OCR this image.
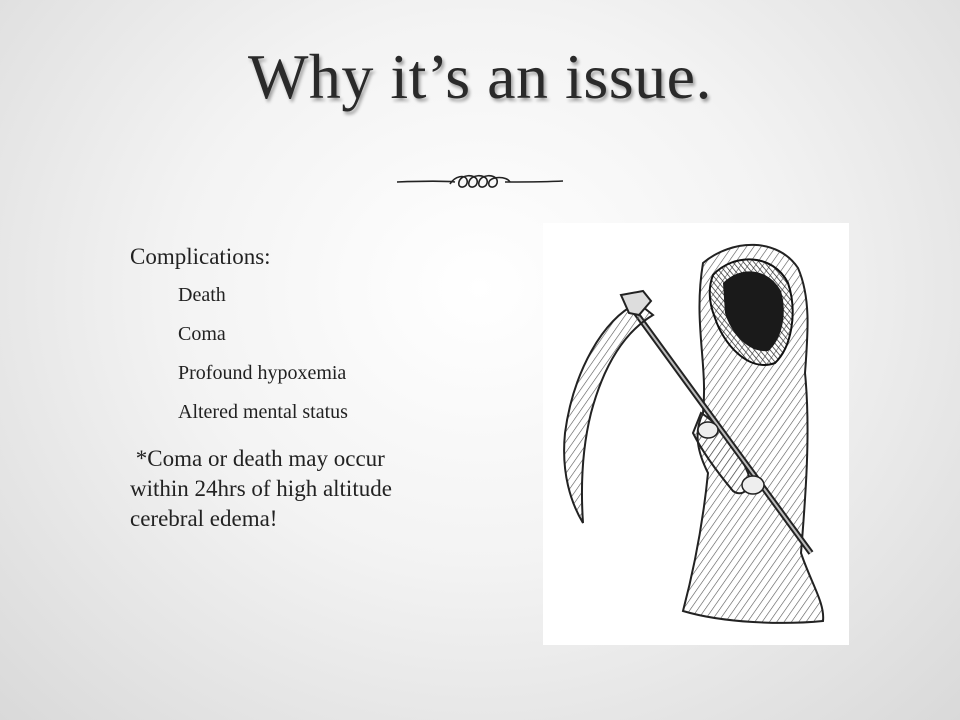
Why it’s an issue.
Complications:
Death
Coma
Profound hypoxemia
Altered mental status
*Coma or death may occur within 24hrs of high altitude cerebral edema!
